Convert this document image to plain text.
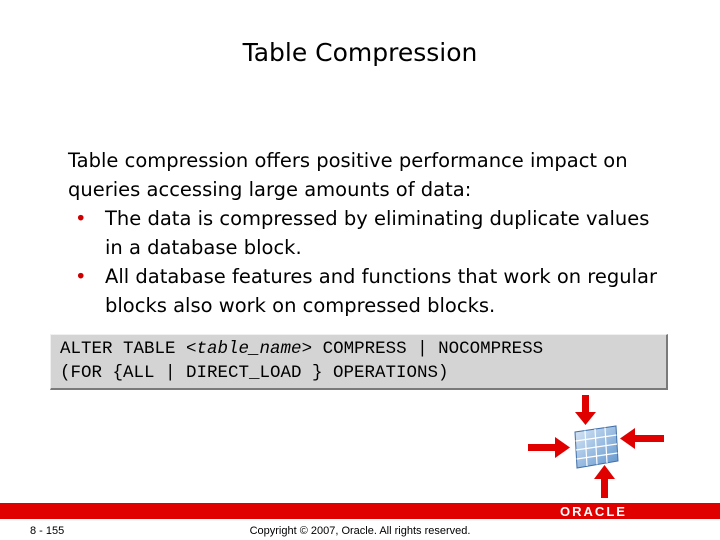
Table Compression

Table compression offers positive performance impact on queries accessing large amounts of data:

• The data is compressed by eliminating duplicate values in a database block.
• All database features and functions that work on regular blocks also work on compressed blocks.
ALTER TABLE <table_name> COMPRESS | NOCOMPRESS
(FOR {ALL | DIRECT_LOAD } OPERATIONS)
ORACLE
8 - 155	Copyright © 2007, Oracle. All rights reserved.
